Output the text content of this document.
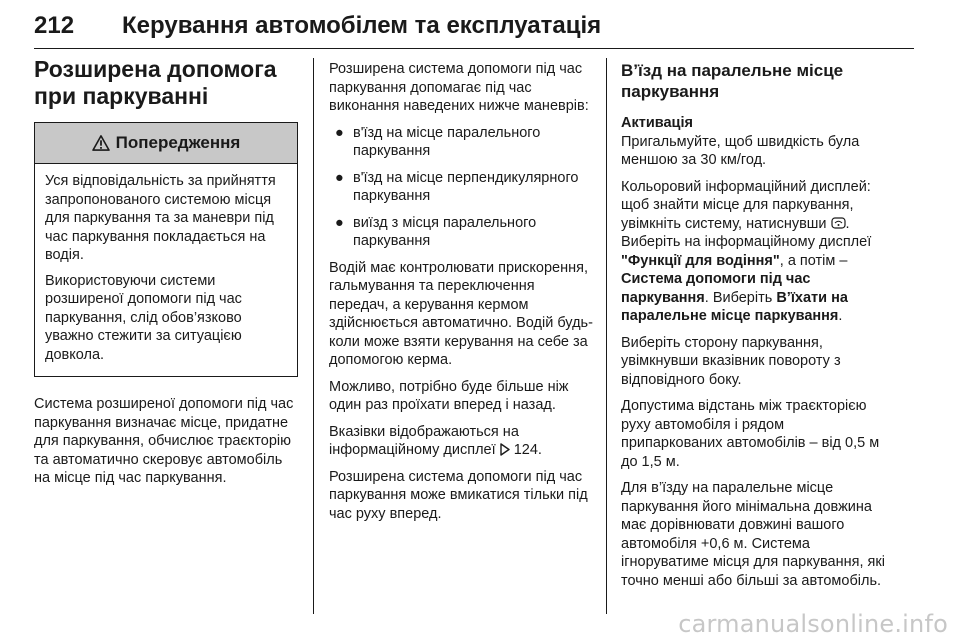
212 Керування автомобілем та експлуатація
Розширена допомога при паркуванні
Попередження

Уся відповідальність за прийняття запропонованого системою місця для паркування та за маневри під час паркування покладається на водія.

Використовуючи системи розширеної допомоги під час паркування, слід обов’язково уважно стежити за ситуацією довкола.

Система розширеної допомоги під час паркування визначає місце, придатне для паркування, обчислює траєкторію та автоматично скеровує автомобіль на місце під час паркування.

Розширена система допомоги під час паркування допомагає під час виконання наведених нижче маневрів:

● в'їзд на місце паралельного паркування
● в'їзд на місце перпендикулярного паркування
● виїзд з місця паралельного паркування

Водій має контролювати прискорення, гальмування та переключення передач, а керування кермом здійснюється автоматично. Водій будь-коли може взяти керування на себе за допомогою керма.

Можливо, потрібно буде більше ніж один раз проїхати вперед і назад.

Вказівки відображаються на інформаційному дисплеї 124.

Розширена система допомоги під час паркування може вмикатися тільки під час руху вперед.

В’їзд на паралельне місце паркування

Активація

Пригальмуйте, щоб швидкість була меншою за 30 км/год.

Кольоровий інформаційний дисплей: щоб знайти місце для паркування, увімкніть систему, натиснувши . Виберіть на інформаційному дисплеї "Функції для водіння", а потім – Система допомоги під час паркування. Виберіть В’їхати на паралельне місце паркування.

Виберіть сторону паркування, увімкнувши вказівник повороту з відповідного боку.

Допустима відстань між траєкторією руху автомобіля і рядом припаркованих автомобілів – від 0,5 м до 1,5 м.

Для в’їзду на паралельне місце паркування його мінімальна довжина має дорівнювати довжині вашого автомобіля +0,6 м. Система ігноруватиме місця для паркування, які точно менші або більші за автомобіль.

carmanualsonline.info
